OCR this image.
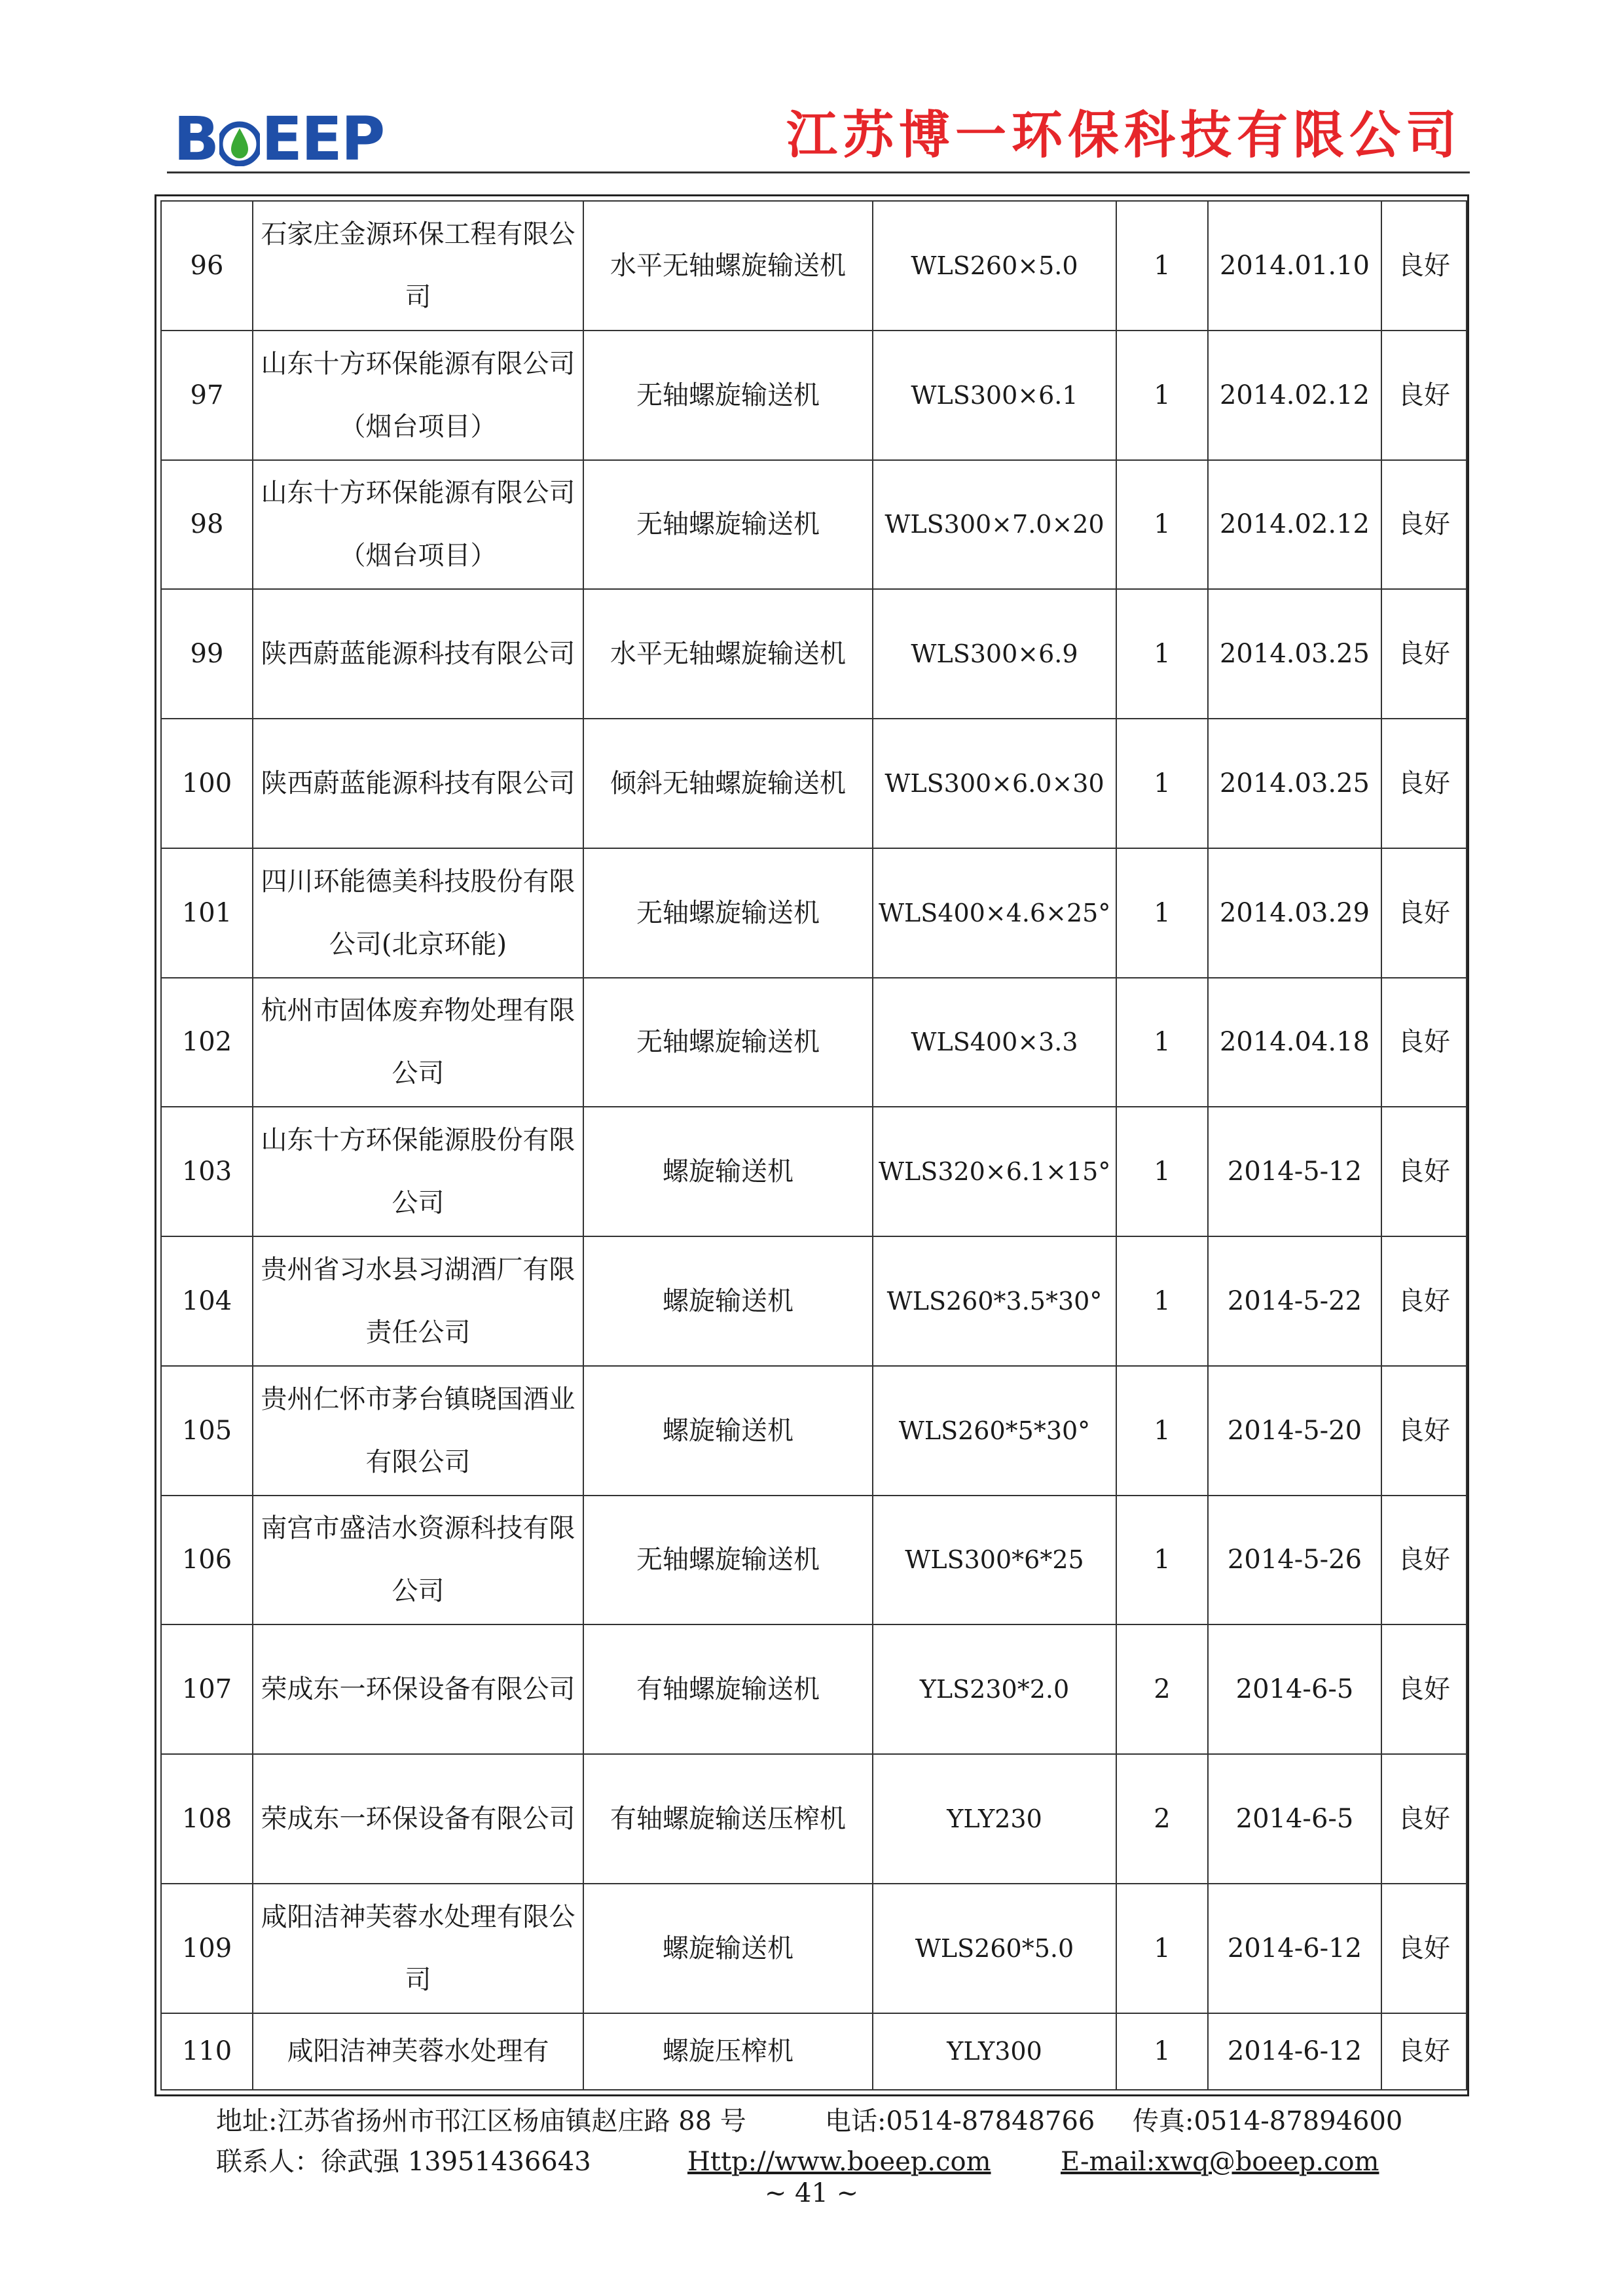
B EEP	江苏博一环保科技有限公司
96	石家庄金源环保工程有限公司	水平无轴螺旋输送机	WLS260×5.0	1	2014.01.10	良好
97	山东十方环保能源有限公司（烟台项目）	无轴螺旋输送机	WLS300×6.1	1	2014.02.12	良好
98	山东十方环保能源有限公司（烟台项目）	无轴螺旋输送机	WLS300×7.0×20	1	2014.02.12	良好
99	陕西蔚蓝能源科技有限公司	水平无轴螺旋输送机	WLS300×6.9	1	2014.03.25	良好
100	陕西蔚蓝能源科技有限公司	倾斜无轴螺旋输送机	WLS300×6.0×30	1	2014.03.25	良好
101	四川环能德美科技股份有限公司(北京环能)	无轴螺旋输送机	WLS400×4.6×25°	1	2014.03.29	良好
102	杭州市固体废弃物处理有限公司	无轴螺旋输送机	WLS400×3.3	1	2014.04.18	良好
103	山东十方环保能源股份有限公司	螺旋输送机	WLS320×6.1×15°	1	2014-5-12	良好
104	贵州省习水县习湖酒厂有限责任公司	螺旋输送机	WLS260*3.5*30°	1	2014-5-22	良好
105	贵州仁怀市茅台镇晓国酒业有限公司	螺旋输送机	WLS260*5*30°	1	2014-5-20	良好
106	南宫市盛洁水资源科技有限公司	无轴螺旋输送机	WLS300*6*25	1	2014-5-26	良好
107	荣成东一环保设备有限公司	有轴螺旋输送机	YLS230*2.0	2	2014-6-5	良好
108	荣成东一环保设备有限公司	有轴螺旋输送压榨机	YLY230	2	2014-6-5	良好
109	咸阳洁神芙蓉水处理有限公司	螺旋输送机	WLS260*5.0	1	2014-6-12	良好
110	咸阳洁神芙蓉水处理有	螺旋压榨机	YLY300	1	2014-6-12	良好
地址:江苏省扬州市邗江区杨庙镇赵庄路 88 号	电话:0514-87848766	传真:0514-87894600
联系人：徐武强 13951436643	Http://www.boeep.com	E-mail:xwq@boeep.com
~ 41 ~
